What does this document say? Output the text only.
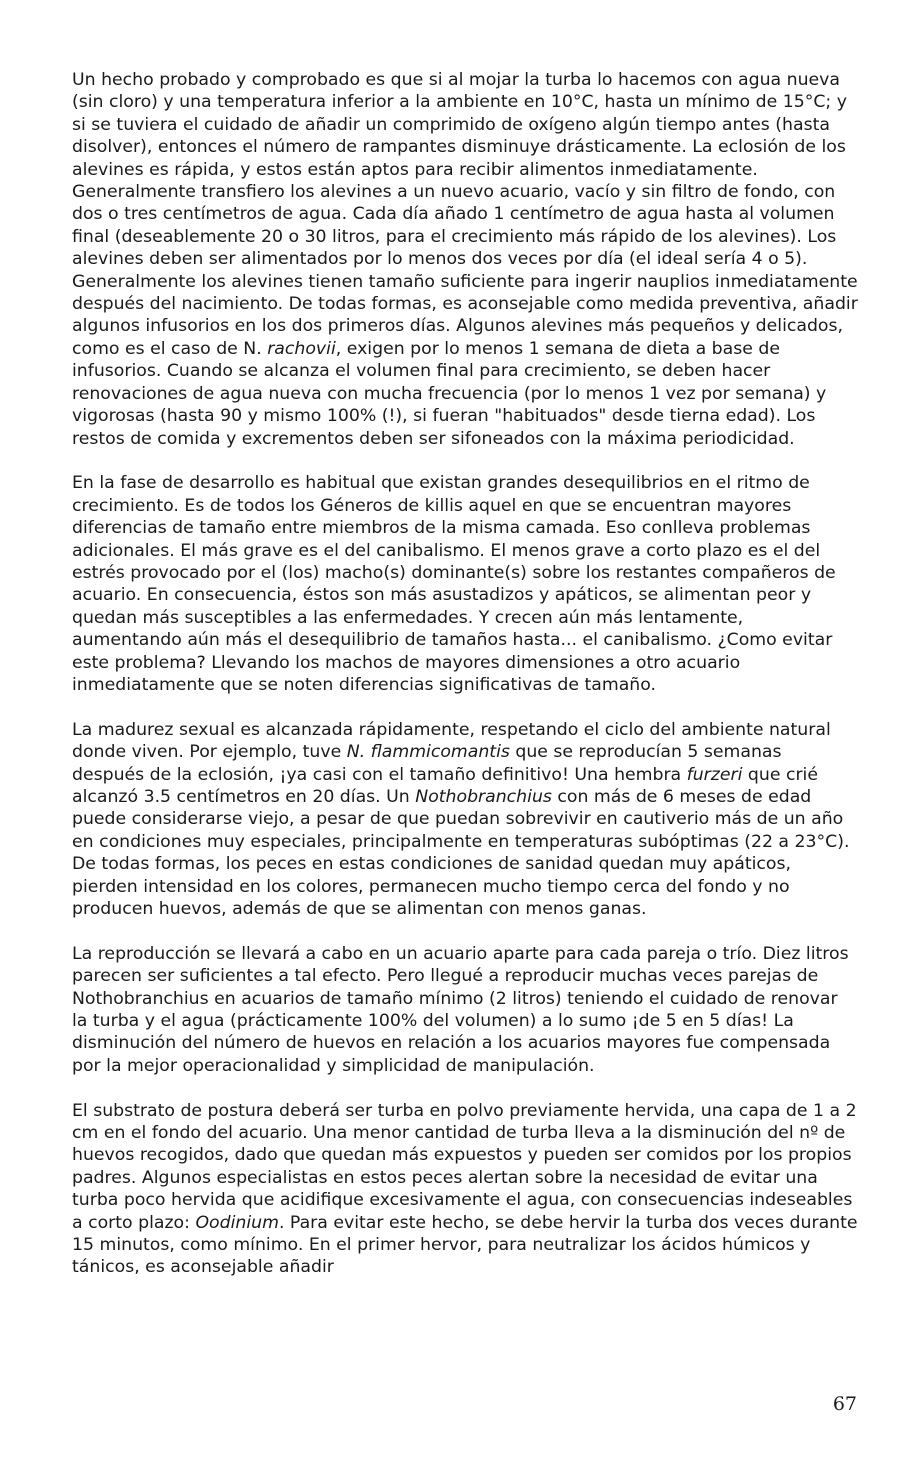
Un hecho probado y comprobado es que si al mojar la turba lo hacemos con agua nueva (sin cloro) y una temperatura inferior a la ambiente en 10°C, hasta un mínimo de 15°C; y si se tuviera el cuidado de añadir un comprimido de oxígeno algún tiempo antes (hasta disolver), entonces el número de rampantes disminuye drásticamente. La eclosión de los alevines es rápida, y estos están aptos para recibir alimentos inmediatamente. Generalmente transfiero los alevines a un nuevo acuario, vacío y sin filtro de fondo, con dos o tres centímetros de agua. Cada día añado 1 centímetro de agua hasta al volumen final (deseablemente 20 o 30 litros, para el crecimiento más rápido de los alevines). Los alevines deben ser alimentados por lo menos dos veces por día (el ideal sería 4 o 5). Generalmente los alevines tienen tamaño suficiente para ingerir nauplios inmediatamente después del nacimiento. De todas formas, es aconsejable como medida preventiva, añadir algunos infusorios en los dos primeros días. Algunos alevines más pequeños y delicados, como es el caso de N. rachovii, exigen por lo menos 1 semana de dieta a base de infusorios. Cuando se alcanza el volumen final para crecimiento, se deben hacer renovaciones de agua nueva con mucha frecuencia (por lo menos 1 vez por semana) y vigorosas (hasta 90 y mismo 100% (!), si fueran "habituados" desde tierna edad). Los restos de comida y excrementos deben ser sifoneados con la máxima periodicidad.

En la fase de desarrollo es habitual que existan grandes desequilibrios en el ritmo de crecimiento. Es de todos los Géneros de killis aquel en que se encuentran mayores diferencias de tamaño entre miembros de la misma camada. Eso conlleva problemas adicionales. El más grave es el del canibalismo. El menos grave a corto plazo es el del estrés provocado por el (los) macho(s) dominante(s) sobre los restantes compañeros de acuario. En consecuencia, éstos son más asustadizos y apáticos, se alimentan peor y quedan más susceptibles a las enfermedades. Y crecen aún más lentamente, aumentando aún más el desequilibrio de tamaños hasta... el canibalismo. ¿Como evitar este problema? Llevando los machos de mayores dimensiones a otro acuario inmediatamente que se noten diferencias significativas de tamaño.

La madurez sexual es alcanzada rápidamente, respetando el ciclo del ambiente natural donde viven. Por ejemplo, tuve N. flammicomantis que se reproducían 5 semanas después de la eclosión, ¡ya casi con el tamaño definitivo! Una hembra furzeri que crié alcanzó 3.5 centímetros en 20 días. Un Nothobranchius con más de 6 meses de edad puede considerarse viejo, a pesar de que puedan sobrevivir en cautiverio más de un año en condiciones muy especiales, principalmente en temperaturas subóptimas (22 a 23°C). De todas formas, los peces en estas condiciones de sanidad quedan muy apáticos, pierden intensidad en los colores, permanecen mucho tiempo cerca del fondo y no producen huevos, además de que se alimentan con menos ganas.

La reproducción se llevará a cabo en un acuario aparte para cada pareja o trío. Diez litros parecen ser suficientes a tal efecto. Pero llegué a reproducir muchas veces parejas de Nothobranchius en acuarios de tamaño mínimo (2 litros) teniendo el cuidado de renovar la turba y el agua (prácticamente 100% del volumen) a lo sumo ¡de 5 en 5 días! La disminución del número de huevos en relación a los acuarios mayores fue compensada por la mejor operacionalidad y simplicidad de manipulación.

El substrato de postura deberá ser turba en polvo previamente hervida, una capa de 1 a 2 cm en el fondo del acuario. Una menor cantidad de turba lleva a la disminución del nº de huevos recogidos, dado que quedan más expuestos y pueden ser comidos por los propios padres. Algunos especialistas en estos peces alertan sobre la necesidad de evitar una turba poco hervida que acidifique excesivamente el agua, con consecuencias indeseables a corto plazo: Oodinium. Para evitar este hecho, se debe hervir la turba dos veces durante 15 minutos, como mínimo. En el primer hervor, para neutralizar los ácidos húmicos y tánicos, es aconsejable añadir

67
